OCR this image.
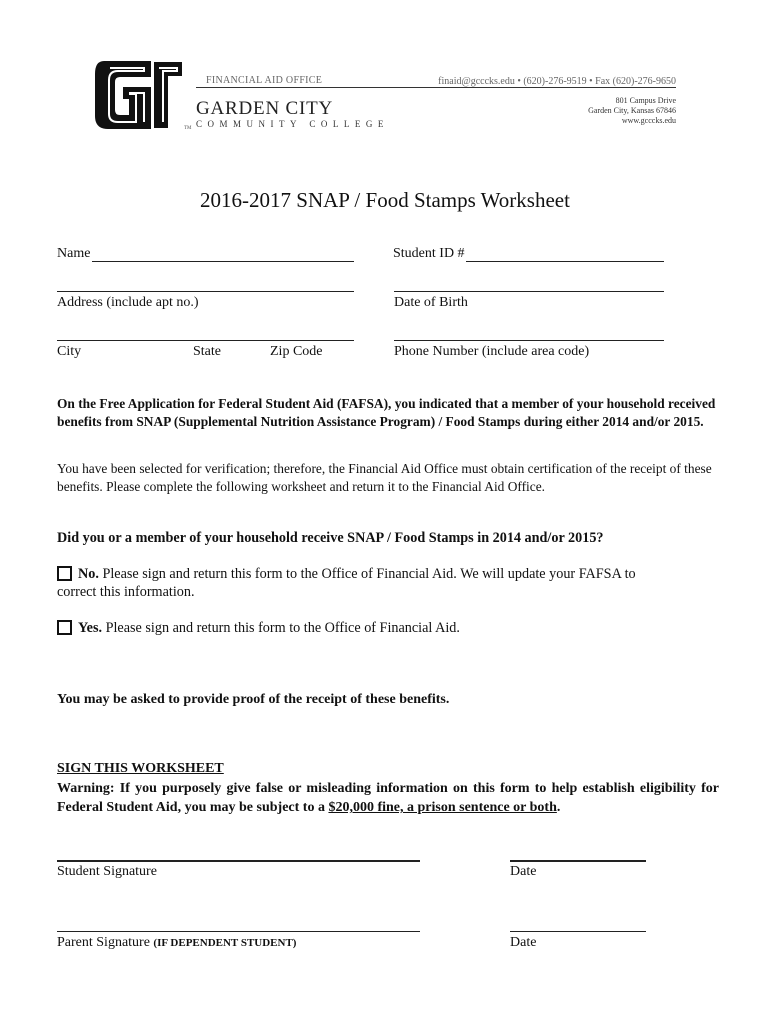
TM
FINANCIAL AID OFFICE	finaid@gcccks.edu • (620)-276-9519 • Fax (620)-276-9650
GARDEN CITY
COMMUNITY COLLEGE
801 Campus Drive
Garden City, Kansas 67846
www.gcccks.edu
2016-2017 SNAP / Food Stamps Worksheet
Name	Student ID #
Address (include apt no.)	Date of Birth
City	State	Zip Code	Phone Number (include area code)
On the Free Application for Federal Student Aid (FAFSA), you indicated that a member of your household received benefits from SNAP (Supplemental Nutrition Assistance Program) / Food Stamps during either 2014 and/or 2015.
You have been selected for verification; therefore, the Financial Aid Office must obtain certification of the receipt of these benefits. Please complete the following worksheet and return it to the Financial Aid Office.
Did you or a member of your household receive SNAP / Food Stamps in 2014 and/or 2015?
No. Please sign and return this form to the Office of Financial Aid. We will update your FAFSA to
correct this information.
Yes. Please sign and return this form to the Office of Financial Aid.
You may be asked to provide proof of the receipt of these benefits.
SIGN THIS WORKSHEET
Warning: If you purposely give false or misleading information on this form to help establish eligibility for Federal Student Aid, you may be subject to a $20,000 fine, a prison sentence or both.
Student Signature	Date
Parent Signature (IF DEPENDENT STUDENT)	Date
